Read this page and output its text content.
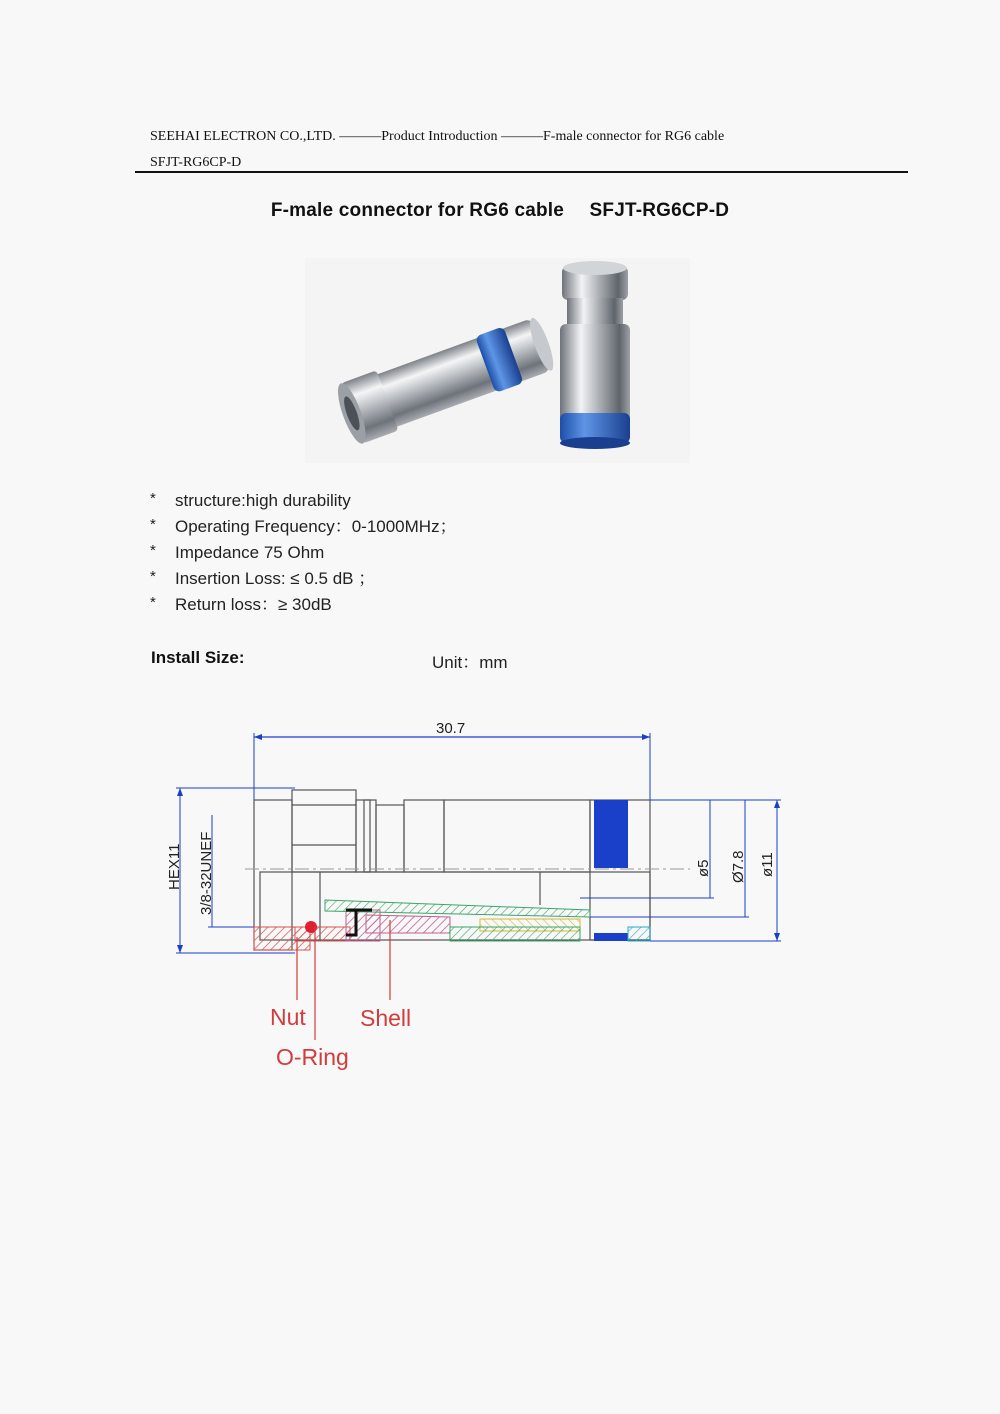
SEEHAI ELECTRON CO.,LTD. ———Product Introduction ———F-male connector for RG6 cable
SFJT-RG6CP-D
F-male connector for RG6 cable SFJT-RG6CP-D
* structure:high durability
* Operating Frequency：0-1000MHz；
* Impedance 75 Ohm
* Insertion Loss: ≤ 0.5 dB ；
* Return loss：≥ 30dB
Install Size:	Unit：mm
30.7
HEX11 3/8-32UNEF	ø5 Ø7.8 ø11
Nut Shell
O-Ring
